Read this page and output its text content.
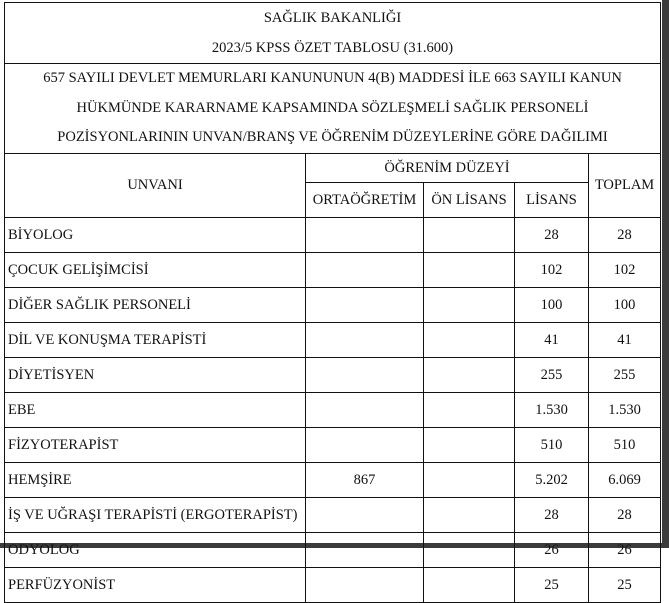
SAĞLIK BAKANLIĞI
2023/5 KPSS ÖZET TABLOSU (31.600)				

657 SAYILI DEVLET MEMURLARI KANUNUNUN 4(B) MADDESİ İLE 663 SAYILI KANUN
HÜKMÜNDE KARARNAME KAPSAMINDA SÖZLEŞMELİ SAĞLIK PERSONELİ
POZİSYONLARININ UNVAN/BRANŞ VE ÖĞRENİM DÜZEYLERİNE GÖRE DAĞILIMI				

UNVANI	ÖĞRENİM DÜZEYİ			TOPLAM
	ORTAÖĞRETİM	ÖN LİSANS	LİSANS	
BİYOLOG			28	28
ÇOCUK GELİŞİMCİSİ			102	102
DİĞER SAĞLIK PERSONELİ			100	100
DİL VE KONUŞMA TERAPİSTİ			41	41
DİYETİSYEN			255	255
EBE			1.530	1.530
FİZYOTERAPİST			510	510
HEMŞİRE	867		5.202	6.069
İŞ VE UĞRAŞI TERAPİSTİ (ERGOTERAPİST)			28	28
ODYOLOG			26	26
PERFÜZYONİST			25	25
